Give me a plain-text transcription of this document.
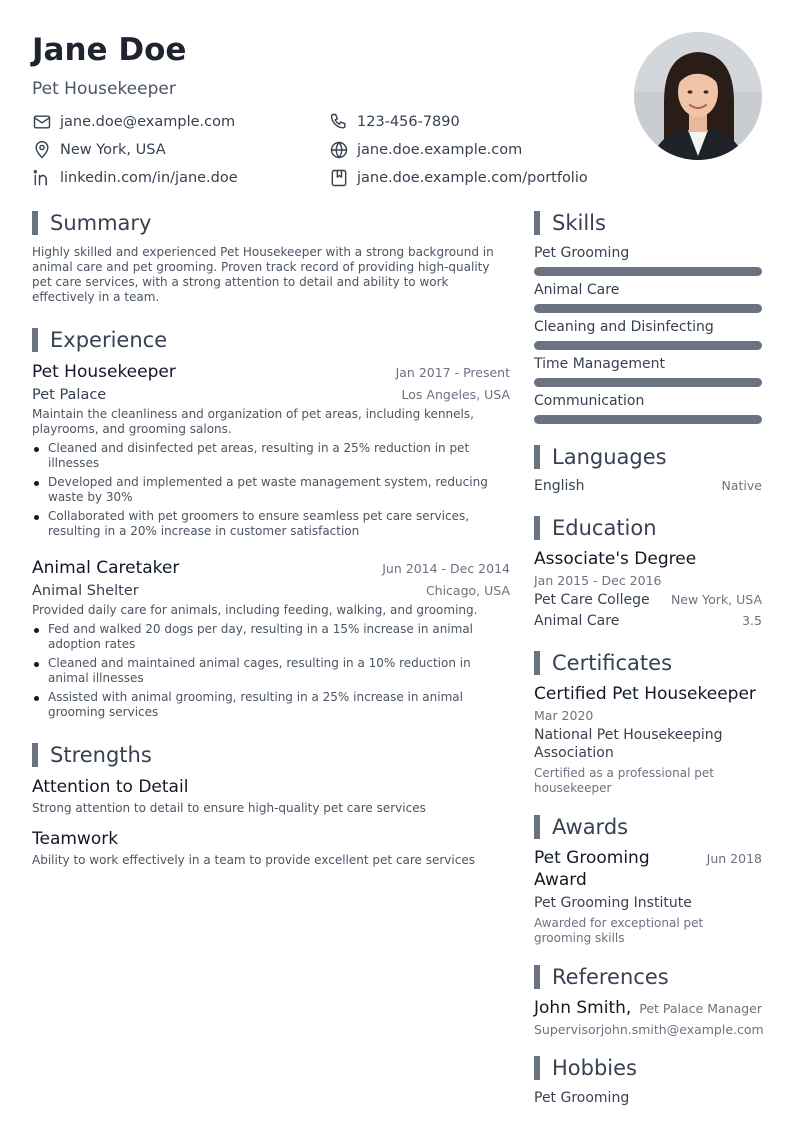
Jane Doe
Pet Housekeeper
jane.doe@example.com	123-456-7890
New York, USA	jane.doe.example.com
linkedin.com/in/jane.doe	jane.doe.example.com/portfolio
Summary
Highly skilled and experienced Pet Housekeeper with a strong background in animal care and pet grooming. Proven track record of providing high-quality pet care services, with a strong attention to detail and ability to work effectively in a team.
Experience
Pet Housekeeper	Jan 2017 - Present
Pet Palace	Los Angeles, USA
Maintain the cleanliness and organization of pet areas, including kennels, playrooms, and grooming salons.
Cleaned and disinfected pet areas, resulting in a 25% reduction in pet illnesses
Developed and implemented a pet waste management system, reducing waste by 30%
Collaborated with pet groomers to ensure seamless pet care services, resulting in a 20% increase in customer satisfaction
Animal Caretaker	Jun 2014 - Dec 2014
Animal Shelter	Chicago, USA
Provided daily care for animals, including feeding, walking, and grooming.
Fed and walked 20 dogs per day, resulting in a 15% increase in animal adoption rates
Cleaned and maintained animal cages, resulting in a 10% reduction in animal illnesses
Assisted with animal grooming, resulting in a 25% increase in animal grooming services
Strengths
Attention to Detail
Strong attention to detail to ensure high-quality pet care services
Teamwork
Ability to work effectively in a team to provide excellent pet care services
Skills
Pet Grooming
Animal Care
Cleaning and Disinfecting
Time Management
Communication
Languages
English	Native
Education
Associate's Degree
Jan 2015 - Dec 2016
Pet Care College New York, USA
Animal Care	3.5
Certificates
Certified Pet Housekeeper
Mar 2020
National Pet Housekeeping Association
Certified as a professional pet housekeeper
Awards
Pet Grooming Award
Jun 2018
Pet Grooming Institute
Awarded for exceptional pet grooming skills
References
John Smith, Pet Palace Manager
Supervisor john.smith@example.com
Hobbies
Pet Grooming
